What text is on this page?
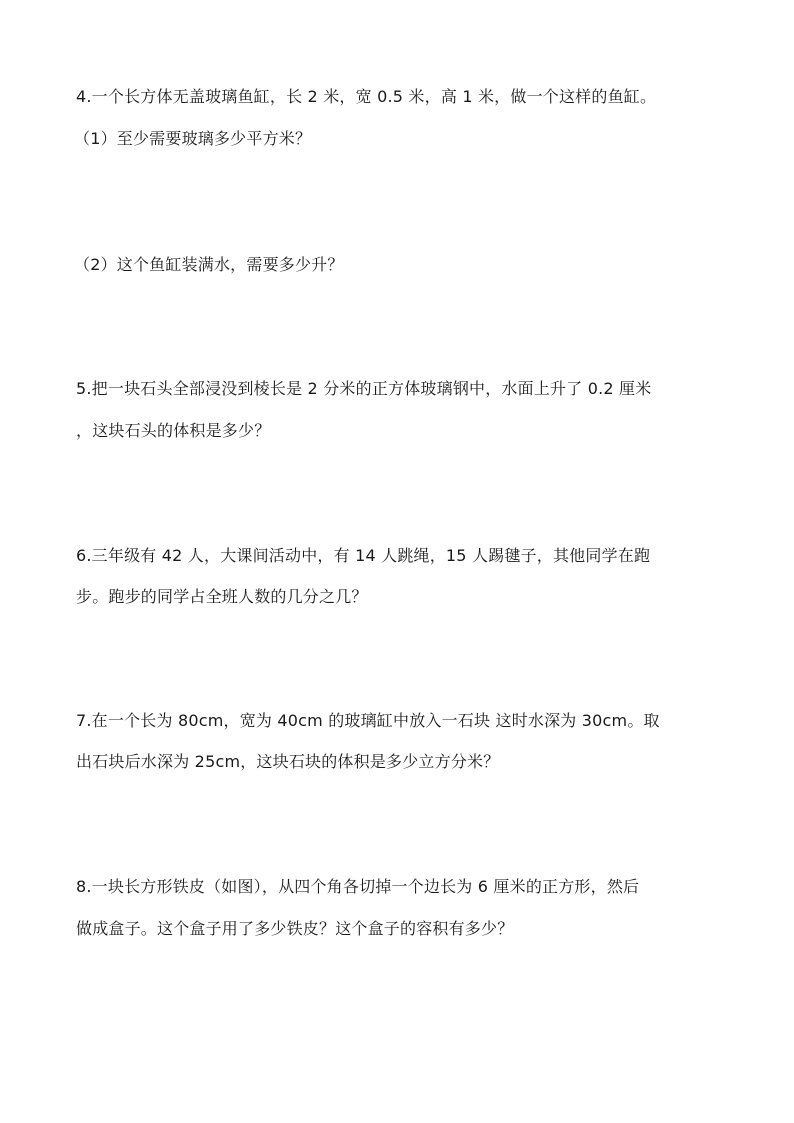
4.一个长方体无盖玻璃鱼缸，长 2 米，宽 0.5 米，高 1 米，做一个这样的鱼缸。
（1）至少需要玻璃多少平方米？
（2）这个鱼缸装满水，需要多少升？
5.把一块石头全部浸没到棱长是 2 分米的正方体玻璃钢中，水面上升了 0.2 厘米
，这块石头的体积是多少？
6.三年级有 42 人，大课间活动中，有 14 人跳绳，15 人踢毽子，其他同学在跑
步。跑步的同学占全班人数的几分之几？
7.在一个长为 80cm，宽为 40cm 的玻璃缸中放入一石块 这时水深为 30cm。取
出石块后水深为 25cm，这块石块的体积是多少立方分米？
8.一块长方形铁皮（如图），从四个角各切掉一个边长为 6 厘米的正方形，然后
做成盒子。这个盒子用了多少铁皮？这个盒子的容积有多少？
